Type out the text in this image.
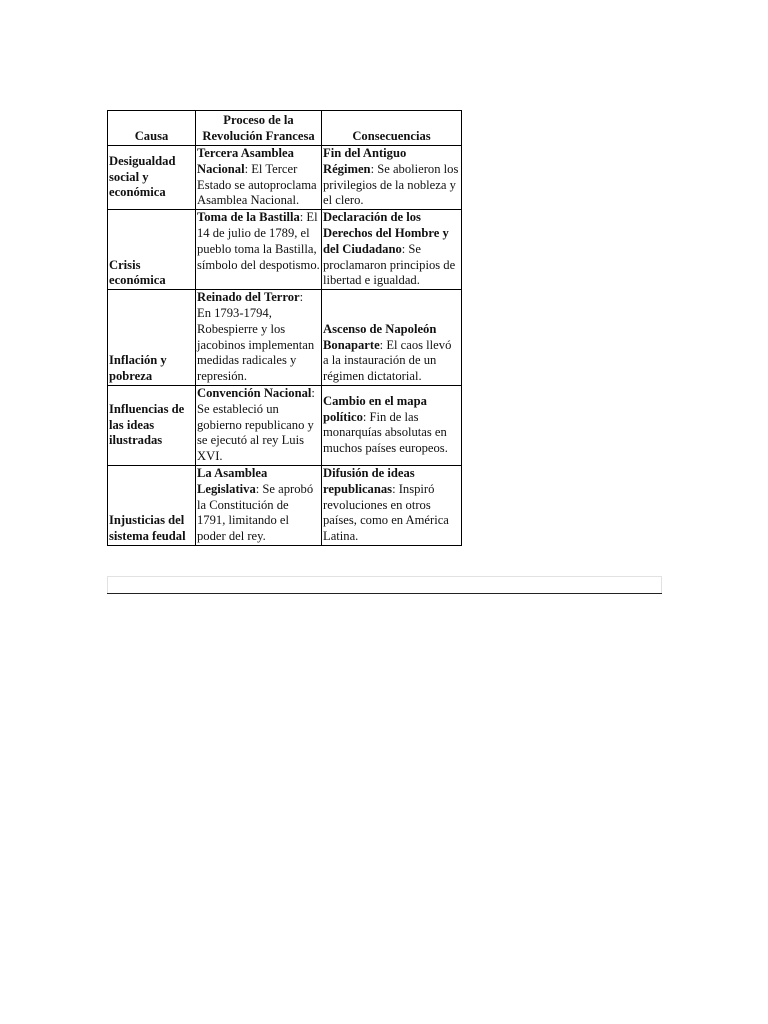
Causa	Proceso de la Revolución Francesa	Consecuencias
Desigualdad social y económica	Tercera Asamblea Nacional: El Tercer Estado se autoproclama Asamblea Nacional.	Fin del Antiguo Régimen: Se abolieron los privilegios de la nobleza y el clero.
Crisis económica	Toma de la Bastilla: El 14 de julio de 1789, el pueblo toma la Bastilla, símbolo del despotismo.	Declaración de los Derechos del Hombre y del Ciudadano: Se proclamaron principios de libertad e igualdad.
Inflación y pobreza	Reinado del Terror: En 1793-1794, Robespierre y los jacobinos implementan medidas radicales y represión.	Ascenso de Napoleón Bonaparte: El caos llevó a la instauración de un régimen dictatorial.
Influencias de las ideas ilustradas	Convención Nacional: Se estableció un gobierno republicano y se ejecutó al rey Luis XVI.	Cambio en el mapa político: Fin de las monarquías absolutas en muchos países europeos.
Injusticias del sistema feudal	La Asamblea Legislativa: Se aprobó la Constitución de 1791, limitando el poder del rey.	Difusión de ideas republicanas: Inspiró revoluciones en otros países, como en América Latina.
